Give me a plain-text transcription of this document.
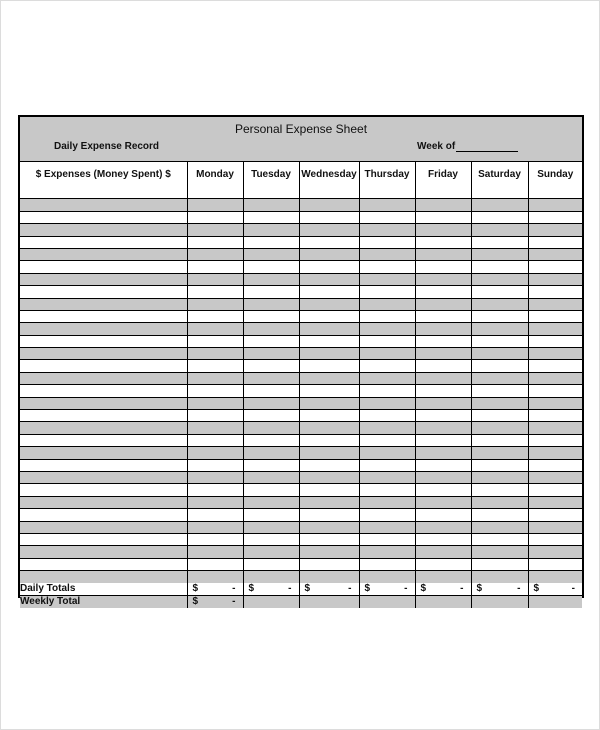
Personal Expense Sheet
Daily Expense Record	Week of
$ Expenses (Money Spent) $	Monday	Tuesday	Wednesday	Thursday	Friday	Saturday	Sunday

Daily Totals	$ -	$ -	$ -	$ -	$ -	$ -	$ -

Weekly Total	$ -						
